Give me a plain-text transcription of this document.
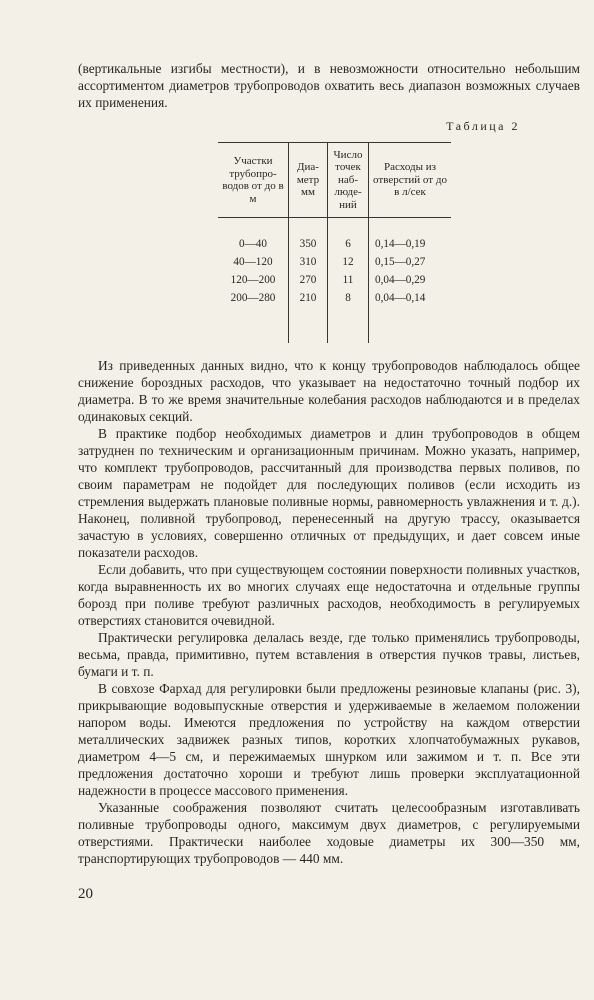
(вертикальные изгибы местности), и в невозможности относительно небольшим ассортиментом диаметров трубопроводов охватить весь диапазон возможных случаев их применения.

Таблица 2
Участки трубопро-водов от до в м	Диа-метр мм	Число точек наб-люде-ний	Расходы из отверстий от до в л/сек

0—40	350	6	0,14—0,19
40—120	310	12	0,15—0,27
120—200	270	11	0,04—0,29
200—280	210	8	0,04—0,14

Из приведенных данных видно, что к концу трубопроводов наблюдалось общее снижение бороздных расходов, что указывает на недостаточно точный подбор их диаметра. В то же время значительные колебания расходов наблюдаются и в пределах одинаковых секций.

В практике подбор необходимых диаметров и длин трубопроводов в общем затруднен по техническим и организационным причинам. Можно указать, например, что комплект трубопроводов, рассчитанный для производства первых поливов, по своим параметрам не подойдет для последующих поливов (если исходить из стремления выдержать плановые поливные нормы, равномерность увлажнения и т. д.). Наконец, поливной трубопровод, перенесенный на другую трассу, оказывается зачастую в условиях, совершенно отличных от предыдущих, и дает совсем иные показатели расходов.

Если добавить, что при существующем состоянии поверхности поливных участков, когда выравненность их во многих случаях еще недостаточна и отдельные группы борозд при поливе требуют различных расходов, необходимость в регулируемых отверстиях становится очевидной.

Практически регулировка делалась везде, где только применялись трубопроводы, весьма, правда, примитивно, путем вставления в отверстия пучков травы, листьев, бумаги и т. п.

В совхозе Фархад для регулировки были предложены резиновые клапаны (рис. 3), прикрывающие водовыпускные отверстия и удерживаемые в желаемом положении напором воды. Имеются предложения по устройству на каждом отверстии металлических задвижек разных типов, коротких хлопчатобумажных рукавов, диаметром 4—5 см, и пережимаемых шнурком или зажимом и т. п. Все эти предложения достаточно хороши и требуют лишь проверки эксплуатационной надежности в процессе массового применения.

Указанные соображения позволяют считать целесообразным изготавливать поливные трубопроводы одного, максимум двух диаметров, с регулируемыми отверстиями. Практически наиболее ходовые диаметры их 300—350 мм, транспортирующих трубопроводов — 440 мм.

20
